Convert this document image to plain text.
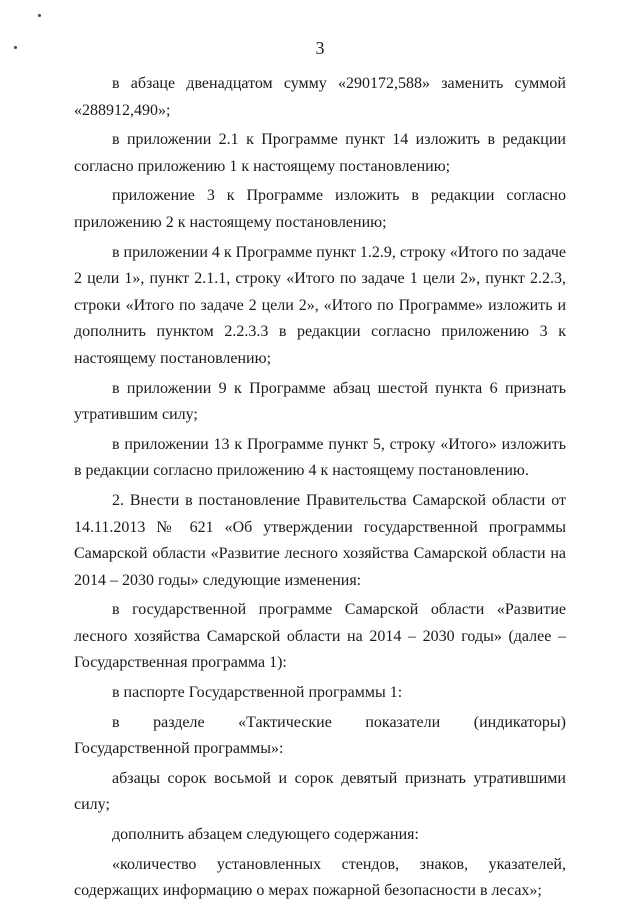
3

в абзаце двенадцатом сумму «290172,588» заменить суммой «288912,490»;

в приложении 2.1 к Программе пункт 14 изложить в редакции согласно приложению 1 к настоящему постановлению;

приложение 3 к Программе изложить в редакции согласно приложению 2 к настоящему постановлению;

в приложении 4 к Программе пункт 1.2.9, строку «Итого по задаче 2 цели 1», пункт 2.1.1, строку «Итого по задаче 1 цели 2», пункт 2.2.3, строки «Итого по задаче 2 цели 2», «Итого по Программе» изложить и дополнить пунктом 2.2.3.3 в редакции согласно приложению 3 к настоящему постановлению;

в приложении 9 к Программе абзац шестой пункта 6 признать утратившим силу;

в приложении 13 к Программе пункт 5, строку «Итого» изложить в редакции согласно приложению 4 к настоящему постановлению.

2. Внести в постановление Правительства Самарской области от 14.11.2013 № 621 «Об утверждении государственной программы Самарской области «Развитие лесного хозяйства Самарской области на 2014 – 2030 годы» следующие изменения:

в государственной программе Самарской области «Развитие лесного хозяйства Самарской области на 2014 – 2030 годы» (далее – Государственная программа 1):

в паспорте Государственной программы 1:

в разделе «Тактические показатели (индикаторы) Государственной программы»:

абзацы сорок восьмой и сорок девятый признать утратившими силу;

дополнить абзацем следующего содержания:

«количество установленных стендов, знаков, указателей, содержащих информацию о мерах пожарной безопасности в лесах»;
